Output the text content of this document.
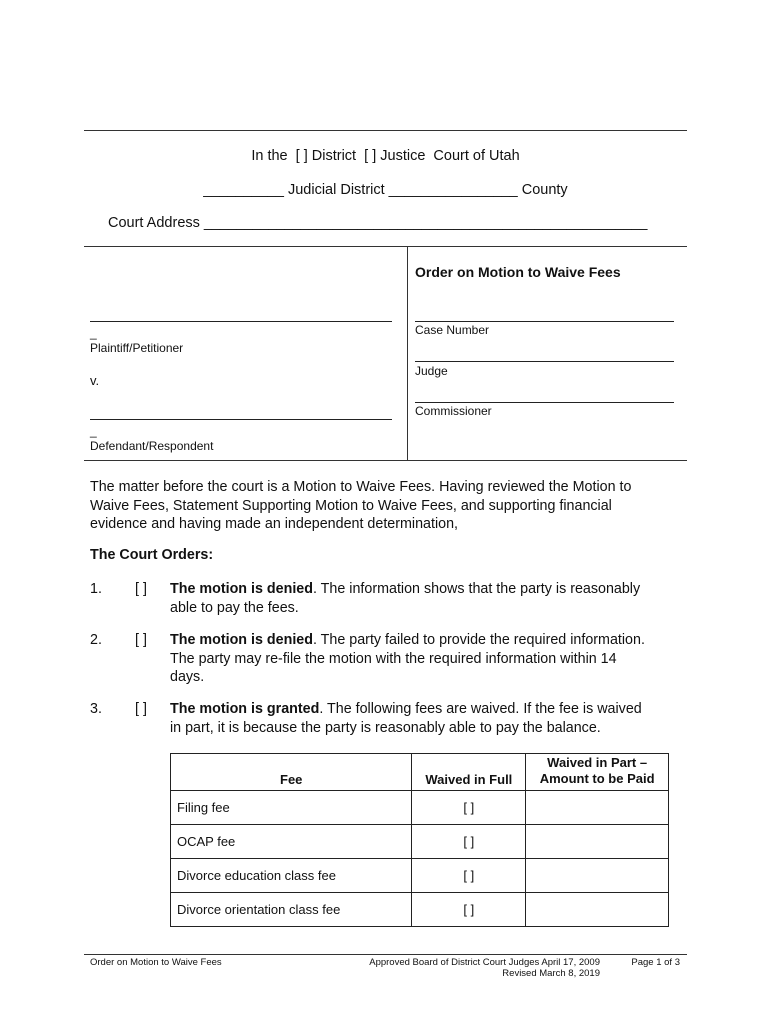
In the  [ ] District  [ ] Justice  Court of Utah
__________ Judicial District ________________ County
Court Address _______________________________________________________
_
Plaintiff/Petitioner
v.
_
Defendant/Respondent
Order on Motion to Waive Fees
Case Number
Judge
Commissioner
The matter before the court is a Motion to Waive Fees. Having reviewed the Motion to
Waive Fees, Statement Supporting Motion to Waive Fees, and supporting financial
evidence and having made an independent determination,
The Court Orders:
1. [ ] The motion is denied. The information shows that the party is reasonably
able to pay the fees.
2. [ ] The motion is denied. The party failed to provide the required information.
The party may re-file the motion with the required information within 14
days.
3. [ ] The motion is granted. The following fees are waived. If the fee is waived
in part, it is because the party is reasonably able to pay the balance.
Fee	Waived in Full	Waived in Part –
Amount to be Paid

Filing fee	[ ]	
OCAP fee	[ ]	
Divorce education class fee	[ ]	
Divorce orientation class fee	[ ]	
Order on Motion to Waive Fees	Approved Board of District Court Judges April 17, 2009
Revised March 8, 2019
Page 1 of 3
